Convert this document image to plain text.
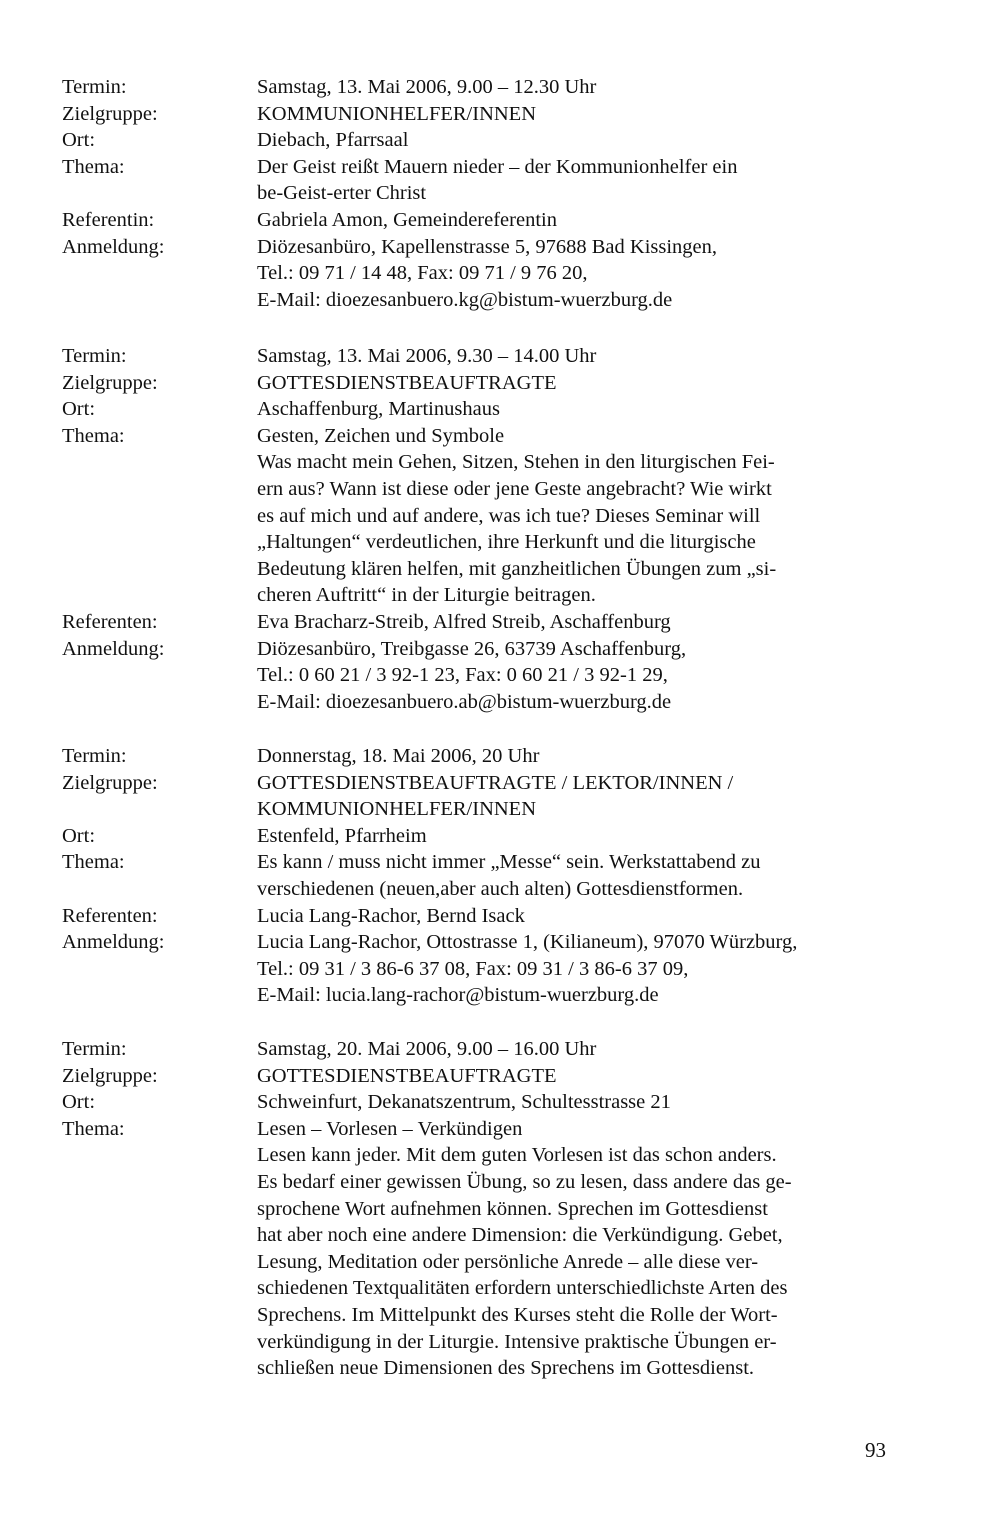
Termin:	Samstag, 13. Mai 2006, 9.00 – 12.30 Uhr
Zielgruppe:	KOMMUNIONHELFER/INNEN
Ort:	Diebach, Pfarrsaal
Thema:	Der Geist reißt Mauern nieder – der Kommunionhelfer ein
be-Geist-erter Christ
Referentin:	Gabriela Amon, Gemeindereferentin
Anmeldung:	Diözesanbüro, Kapellenstrasse 5, 97688 Bad Kissingen,
Tel.: 09 71 / 14 48, Fax: 09 71 / 9 76 20,
E-Mail: dioezesanbuero.kg@bistum-wuerzburg.de
Termin:	Samstag, 13. Mai 2006, 9.30 – 14.00 Uhr
Zielgruppe:	GOTTESDIENSTBEAUFTRAGTE
Ort:	Aschaffenburg, Martinushaus
Thema:	Gesten, Zeichen und Symbole
Was macht mein Gehen, Sitzen, Stehen in den liturgischen Fei-
ern aus? Wann ist diese oder jene Geste angebracht? Wie wirkt
es auf mich und auf andere, was ich tue? Dieses Seminar will
„Haltungen“ verdeutlichen, ihre Herkunft und die liturgische
Bedeutung klären helfen, mit ganzheitlichen Übungen zum „si-
cheren Auftritt“ in der Liturgie beitragen.
Referenten:	Eva Bracharz-Streib, Alfred Streib, Aschaffenburg
Anmeldung:	Diözesanbüro, Treibgasse 26, 63739 Aschaffenburg,
Tel.: 0 60 21 / 3 92-1 23, Fax: 0 60 21 / 3 92-1 29,
E-Mail: dioezesanbuero.ab@bistum-wuerzburg.de
Termin:	Donnerstag, 18. Mai 2006, 20 Uhr
Zielgruppe:	GOTTESDIENSTBEAUFTRAGTE / LEKTOR/INNEN /
KOMMUNIONHELFER/INNEN
Ort:	Estenfeld, Pfarrheim
Thema:	Es kann / muss nicht immer „Messe“ sein. Werkstattabend zu
verschiedenen (neuen,aber auch alten) Gottesdienstformen.
Referenten:	Lucia Lang-Rachor, Bernd Isack
Anmeldung:	Lucia Lang-Rachor, Ottostrasse 1, (Kilianeum), 97070 Würzburg,
Tel.: 09 31 / 3 86-6 37 08, Fax: 09 31 / 3 86-6 37 09,
E-Mail: lucia.lang-rachor@bistum-wuerzburg.de
Termin:	Samstag, 20. Mai 2006, 9.00 – 16.00 Uhr
Zielgruppe:	GOTTESDIENSTBEAUFTRAGTE
Ort:	Schweinfurt, Dekanatszentrum, Schultesstrasse 21
Thema:	Lesen – Vorlesen – Verkündigen
Lesen kann jeder. Mit dem guten Vorlesen ist das schon anders.
Es bedarf einer gewissen Übung, so zu lesen, dass andere das ge-
sprochene Wort aufnehmen können. Sprechen im Gottesdienst
hat aber noch eine andere Dimension: die Verkündigung. Gebet,
Lesung, Meditation oder persönliche Anrede – alle diese ver-
schiedenen Textqualitäten erfordern unterschiedlichste Arten des
Sprechens. Im Mittelpunkt des Kurses steht die Rolle der Wort-
verkündigung in der Liturgie. Intensive praktische Übungen er-
schließen neue Dimensionen des Sprechens im Gottesdienst.
93
